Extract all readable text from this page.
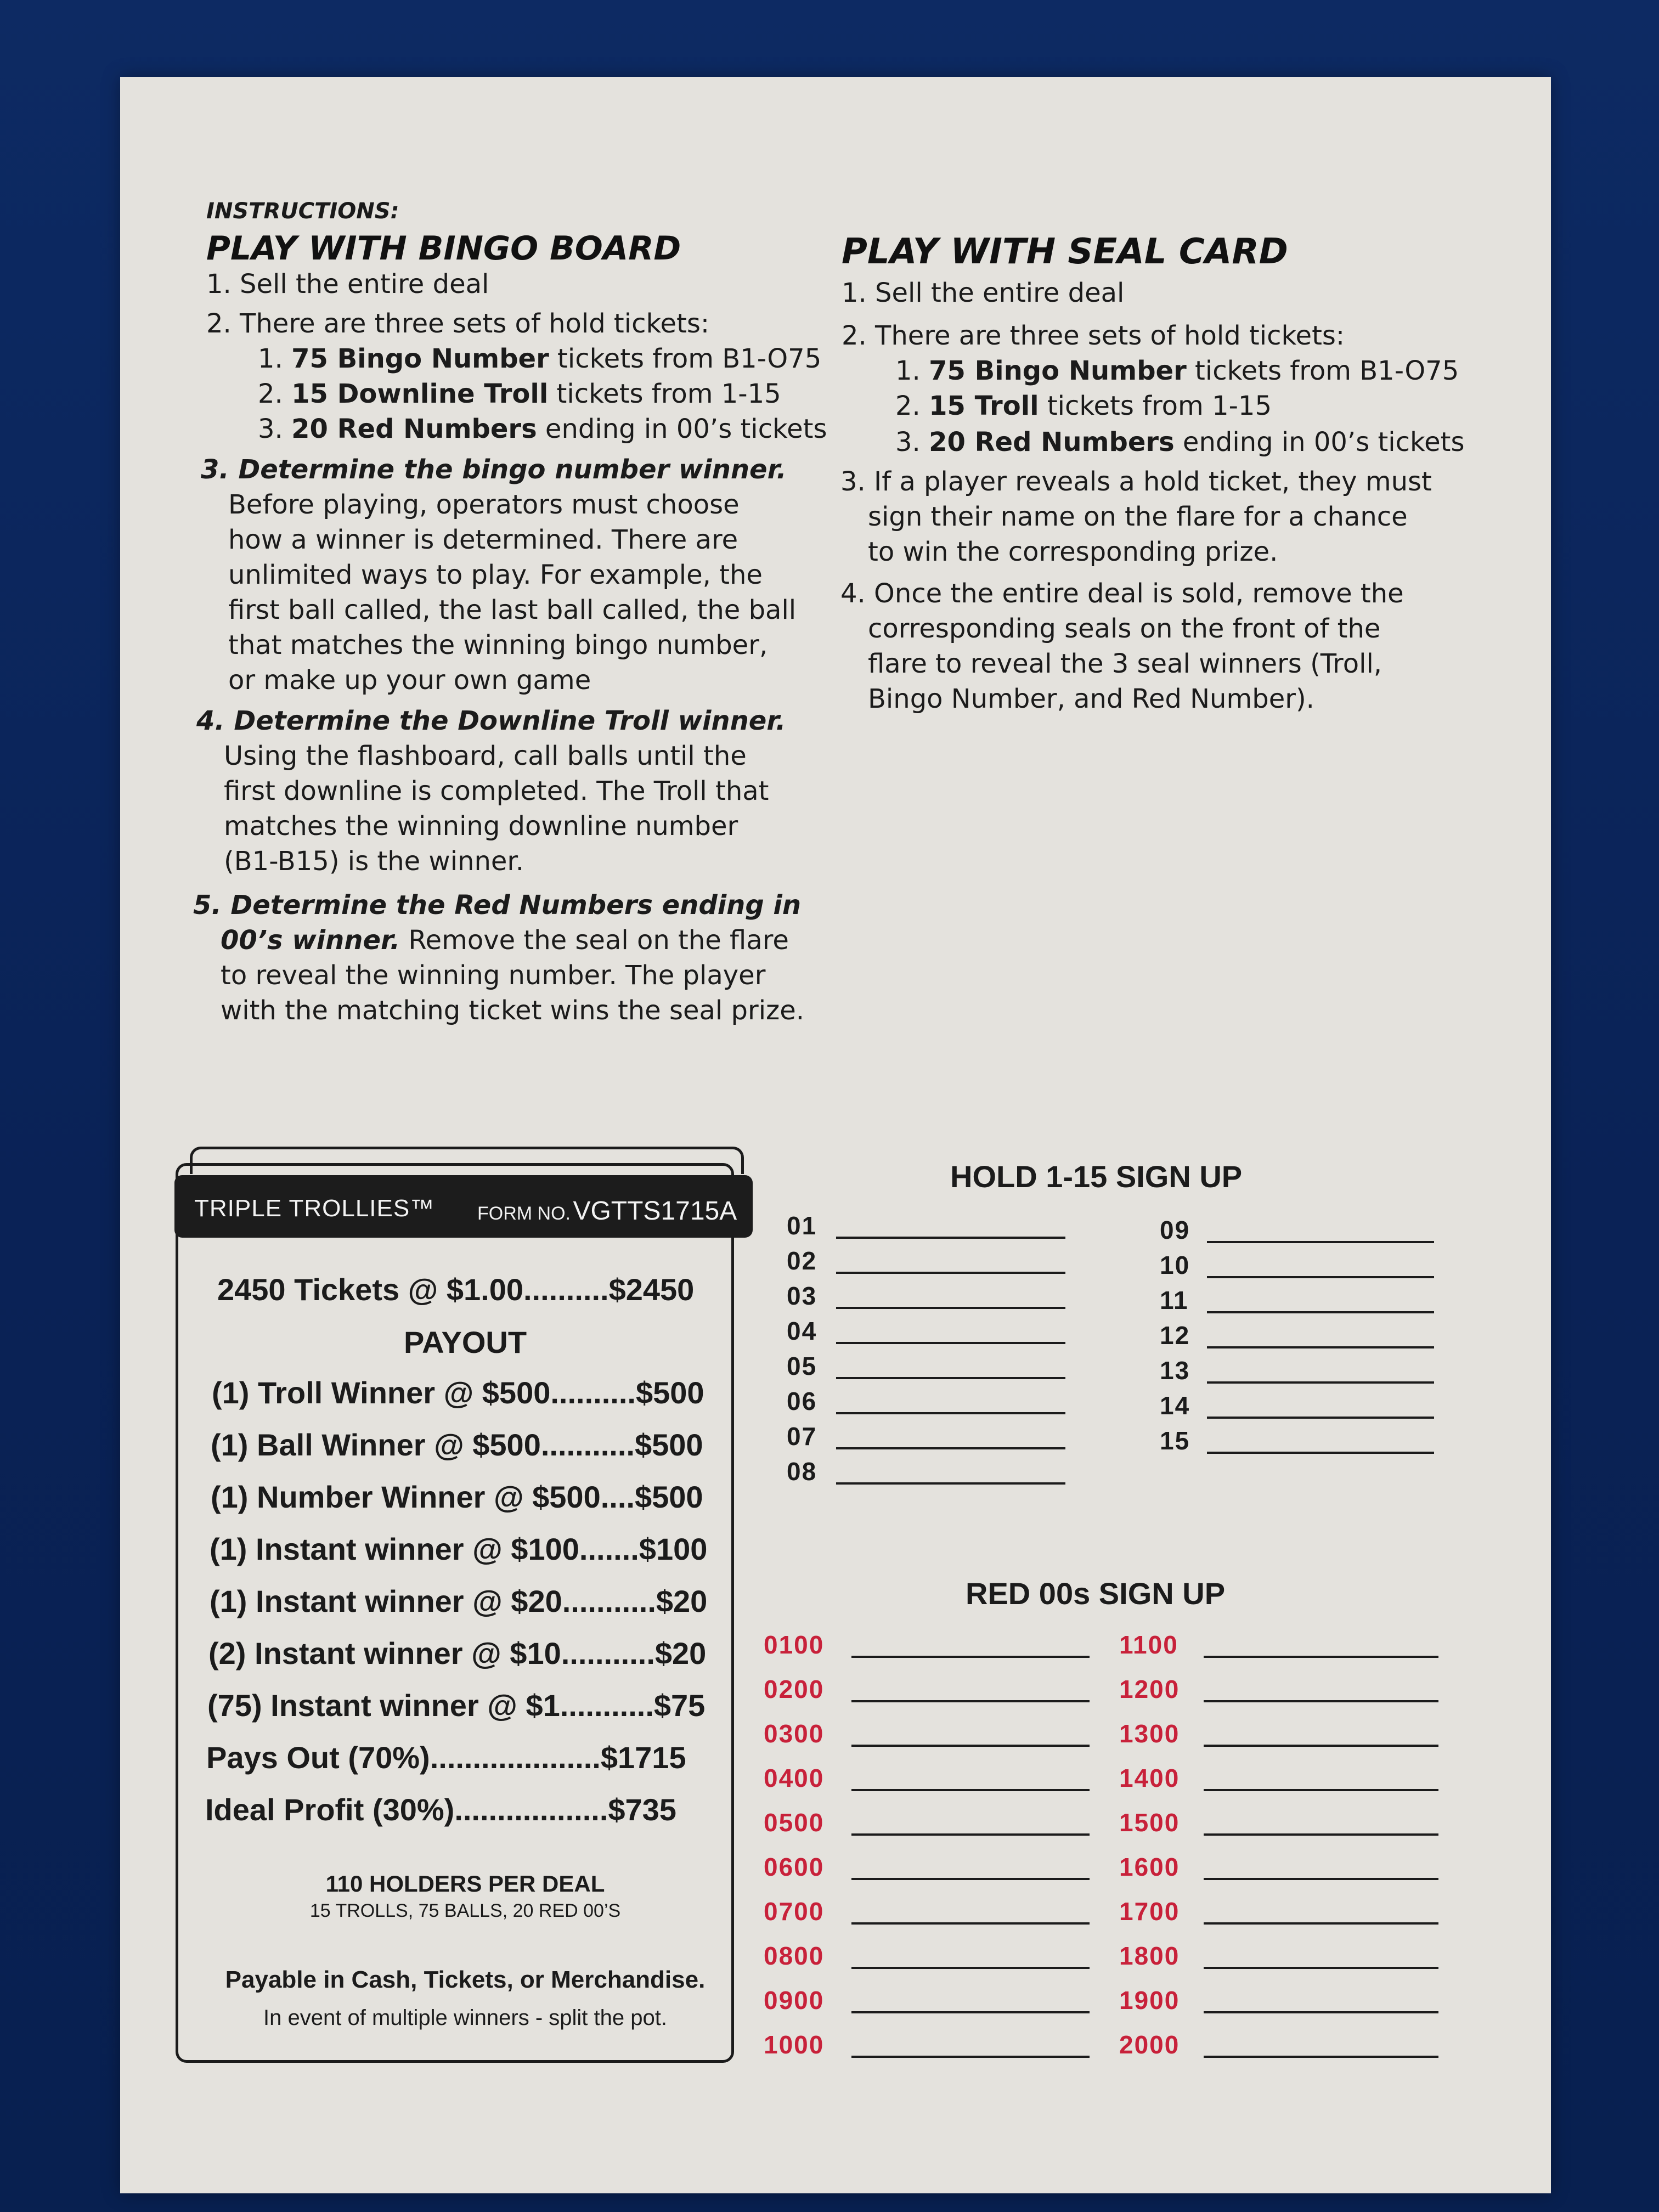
INSTRUCTIONS:
PLAY WITH BINGO BOARD
1. Sell the entire deal
2. There are three sets of hold tickets:
1. 75 Bingo Number tickets from B1-O75
2. 15 Downline Troll tickets from 1-15
3. 20 Red Numbers ending in 00’s tickets
3. Determine the bingo number winner.
Before playing, operators must choose
how a winner is determined. There are
unlimited ways to play. For example, the
first ball called, the last ball called, the ball
that matches the winning bingo number,
or make up your own game
4. Determine the Downline Troll winner.
Using the flashboard, call balls until the
first downline is completed. The Troll that
matches the winning downline number
(B1-B15) is the winner.
5. Determine the Red Numbers ending in
00’s winner. Remove the seal on the flare
to reveal the winning number. The player
with the matching ticket wins the seal prize.
PLAY WITH SEAL CARD
1. Sell the entire deal
2. There are three sets of hold tickets:
1. 75 Bingo Number tickets from B1-O75
2. 15 Troll tickets from 1-15
3. 20 Red Numbers ending in 00’s tickets
3. If a player reveals a hold ticket, they must
sign their name on the flare for a chance
to win the corresponding prize.
4. Once the entire deal is sold, remove the
corresponding seals on the front of the
flare to reveal the 3 seal winners (Troll,
Bingo Number, and Red Number).
TRIPLE TROLLIES™ FORM NO. VGTTS1715A
2450 Tickets @ $1.00..........$2450
PAYOUT
(1) Troll Winner @ $500..........$500
(1) Ball Winner @ $500...........$500
(1) Number Winner @ $500....$500
(1) Instant winner @ $100.......$100
(1) Instant winner @ $20...........$20
(2) Instant winner @ $10...........$20
(75) Instant winner @ $1...........$75
Pays Out (70%)....................$1715
Ideal Profit (30%)..................$735
110 HOLDERS PER DEAL
15 TROLLS, 75 BALLS, 20 RED 00’S
Payable in Cash, Tickets, or Merchandise.
In event of multiple winners - split the pot.
HOLD 1-15 SIGN UP
01
02
03
04
05
06
07
08
09
10
11
12
13
14
15
RED 00s SIGN UP
0100
0200
0300
0400
0500
0600
0700
0800
0900
1000
1100
1200
1300
1400
1500
1600
1700
1800
1900
2000
